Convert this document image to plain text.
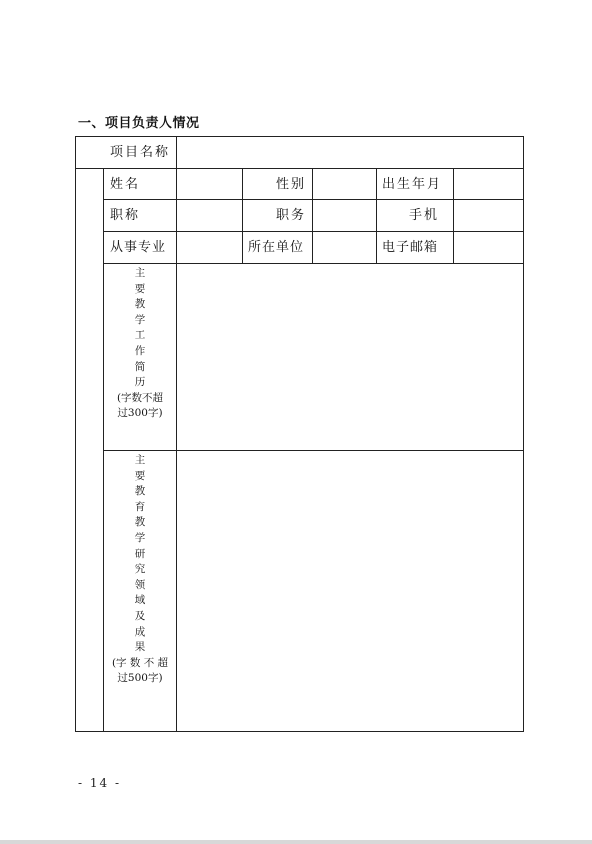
一、项目负责人情况
项目名称
姓名	性别	出生年月
职称	职务	手机
从事专业	所在单位	电子邮箱
主
要
教
学
工
作
简
历
(字数不超
过300字)
主
要
教
育
教
学
研
究
领
域
及
成
果
(字 数 不 超
过500字)
- 14 -
